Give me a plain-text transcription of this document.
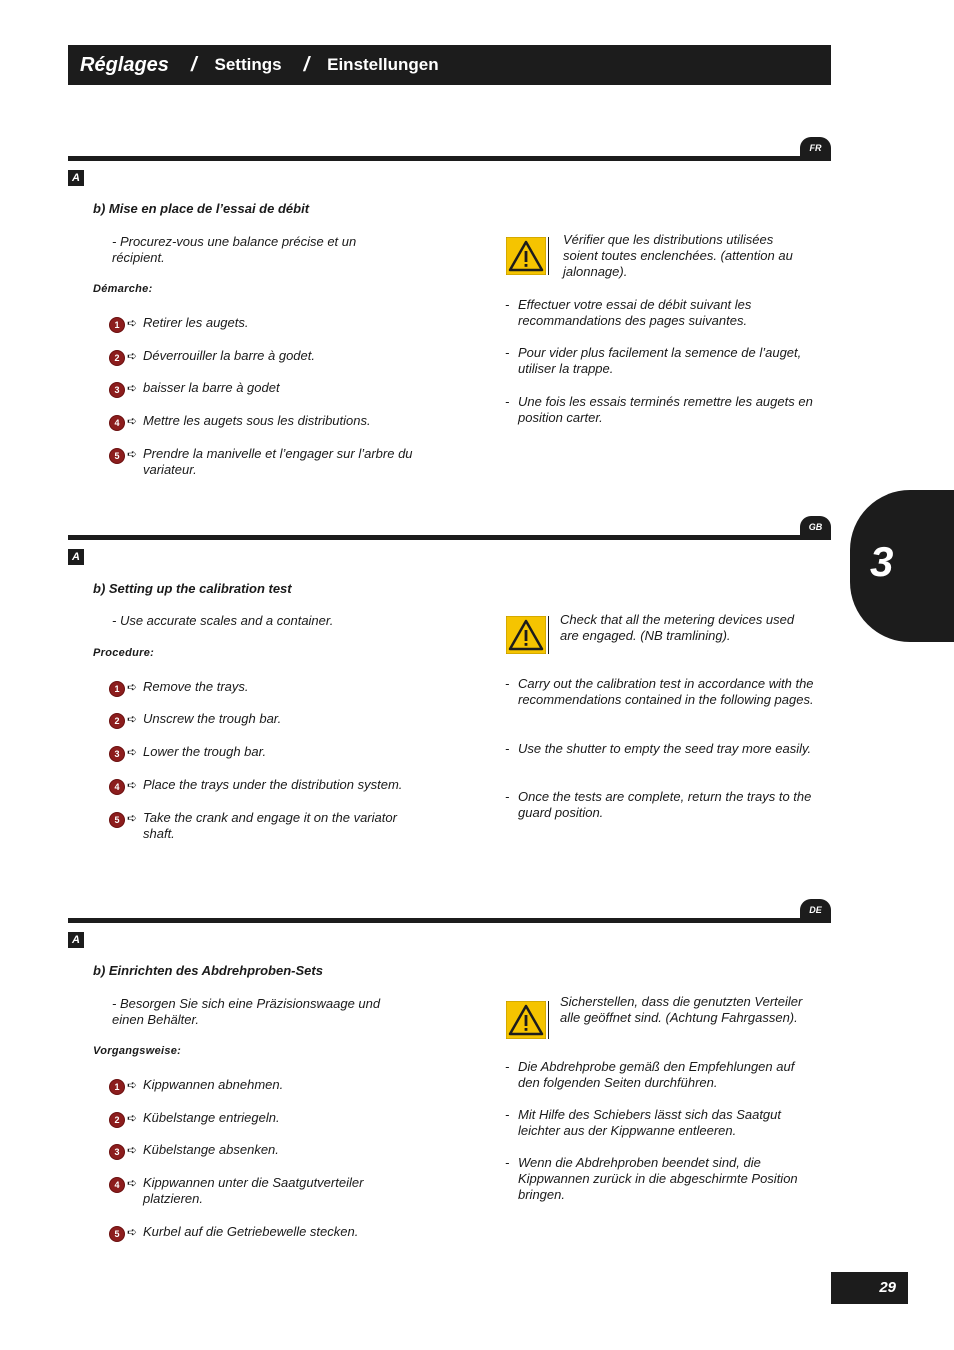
Réglages / Settings / Einstellungen
FR
A
b) Mise en place de l’essai de débit
- Procurez-vous une balance précise et un récipient.
Démarche:
1 ➪ Retirer les augets.
2 ➪ Déverrouiller la barre à godet.
3 ➪ baisser la barre à godet
4 ➪ Mettre les augets sous les distributions.
5 ➪ Prendre la manivelle et l’engager sur l’arbre du variateur.
Vérifier que les distributions utilisées soient toutes enclenchées. (attention au jalonnage).
- Effectuer votre essai de débit suivant les recommandations des pages suivantes.
- Pour vider plus facilement la semence de l’auget, utiliser la trappe.
- Une fois les essais terminés remettre les augets en position carter.
GB
A
b) Setting up the calibration test
- Use accurate scales and a container.
Procedure:
1 ➪ Remove the trays.
2 ➪ Unscrew the trough bar.
3 ➪ Lower the trough bar.
4 ➪ Place the trays under the distribution system.
5 ➪ Take the crank and engage it on the variator shaft.
Check that all the metering devices used are engaged. (NB tramlining).
- Carry out the calibration test in accordance with the recommendations contained in the following pages.
- Use the shutter to empty the seed tray more easily.
- Once the tests are complete, return the trays to the guard position.
DE
A
b) Einrichten des Abdrehproben-Sets
- Besorgen Sie sich eine Präzisionswaage und einen Behälter.
Vorgangsweise:
1 ➪ Kippwannen abnehmen.
2 ➪ Kübelstange entriegeln.
3 ➪ Kübelstange absenken.
4 ➪ Kippwannen unter die Saatgutverteiler platzieren.
5 ➪ Kurbel auf die Getriebewelle stecken.
Sicherstellen, dass die genutzten Verteiler alle geöffnet sind. (Achtung Fahrgassen).
- Die Abdrehprobe gemäß den Empfehlungen auf den folgenden Seiten durchführen.
- Mit Hilfe des Schiebers lässt sich das Saatgut leichter aus der Kippwanne entleeren.
- Wenn die Abdrehproben beendet sind, die Kippwannen zurück in die abgeschirmte Position bringen.
3
29
